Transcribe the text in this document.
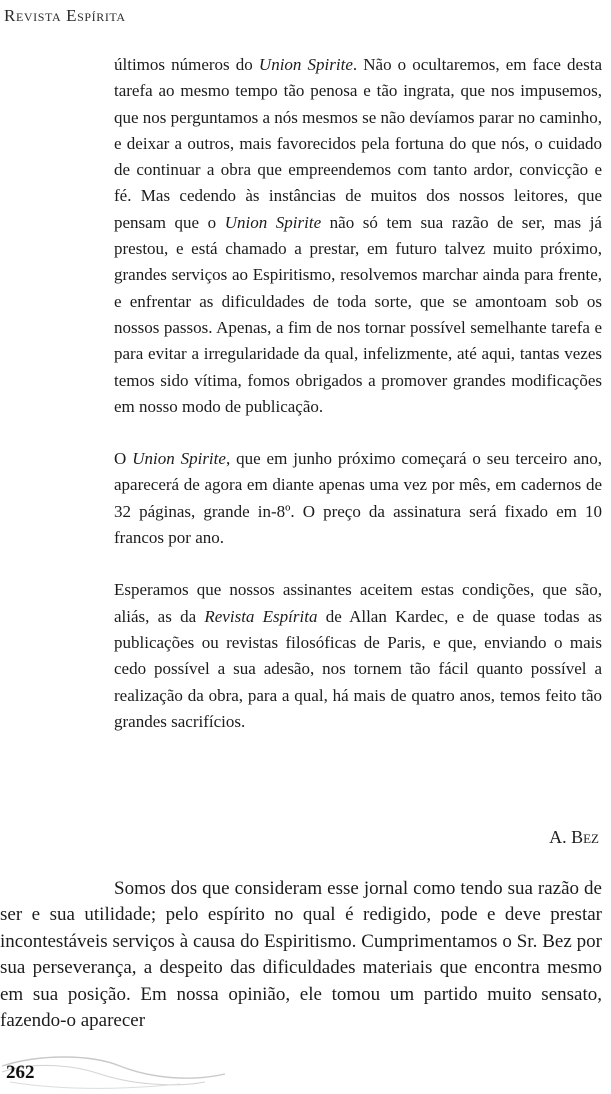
Revista Espírita

últimos números do Union Spirite. Não o ocultaremos, em face desta tarefa ao mesmo tempo tão penosa e tão ingrata, que nos impusemos, que nos perguntamos a nós mesmos se não devíamos parar no caminho, e deixar a outros, mais favorecidos pela fortuna do que nós, o cuidado de continuar a obra que empreendemos com tanto ardor, convicção e fé. Mas cedendo às instâncias de muitos dos nossos leitores, que pensam que o Union Spirite não só tem sua razão de ser, mas já prestou, e está chamado a prestar, em futuro talvez muito próximo, grandes serviços ao Espiritismo, resolvemos marchar ainda para frente, e enfrentar as dificuldades de toda sorte, que se amontoam sob os nossos passos. Apenas, a fim de nos tornar possível semelhante tarefa e para evitar a irregularidade da qual, infelizmente, até aqui, tantas vezes temos sido vítima, fomos obrigados a promover grandes modificações em nosso modo de publicação.

O Union Spirite, que em junho próximo começará o seu terceiro ano, aparecerá de agora em diante apenas uma vez por mês, em cadernos de 32 páginas, grande in-8º. O preço da assinatura será fixado em 10 francos por ano.

Esperamos que nossos assinantes aceitem estas condições, que são, aliás, as da Revista Espírita de Allan Kardec, e de quase todas as publicações ou revistas filosóficas de Paris, e que, enviando o mais cedo possível a sua adesão, nos tornem tão fácil quanto possível a realização da obra, para a qual, há mais de quatro anos, temos feito tão grandes sacrifícios.

A. Bez

Somos dos que consideram esse jornal como tendo sua razão de ser e sua utilidade; pelo espírito no qual é redigido, pode e deve prestar incontestáveis serviços à causa do Espiritismo. Cumprimentamos o Sr. Bez por sua perseverança, a despeito das dificuldades materiais que encontra mesmo em sua posição. Em nossa opinião, ele tomou um partido muito sensato, fazendo-o aparecer

262
